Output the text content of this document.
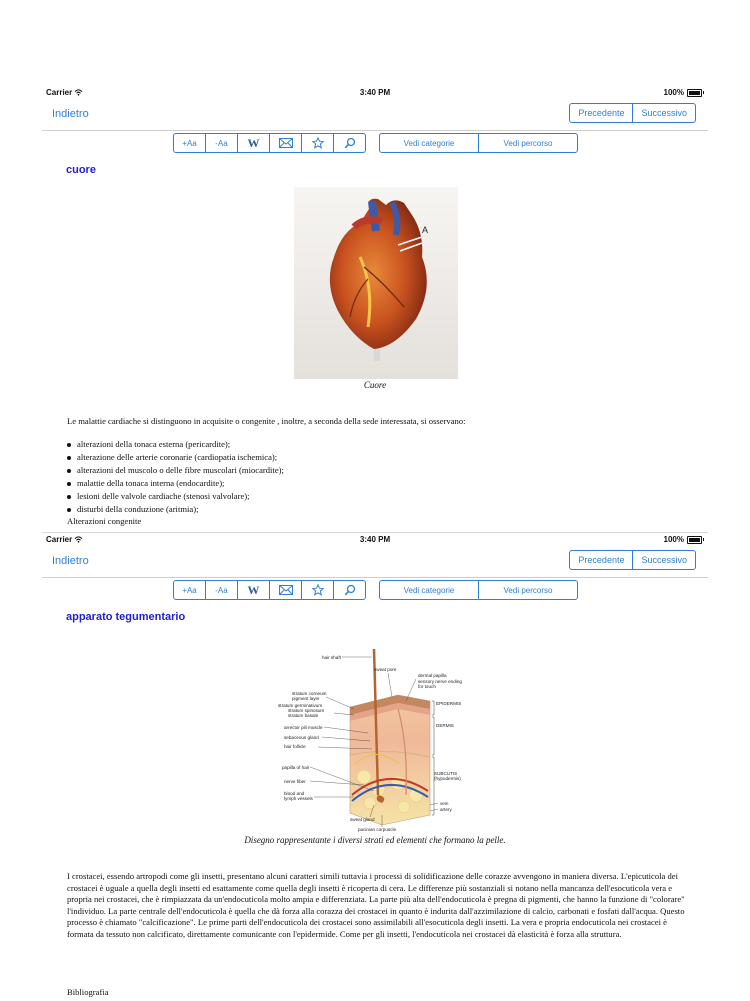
Carrier	3:40 PM	100%
Indietro	Precedente	Successivo
+Aa	-Aa	W	Vedi categorie	Vedi percorso
cuore
A
Cuore
Le malattie cardiache si distinguono in acquisite o congenite , inoltre, a seconda della sede interessata, si osservano:
alterazioni della tonaca esterna (pericardite);
alterazione delle arterie coronarie (cardiopatia ischemica);
alterazioni del muscolo o delle fibre muscolari (miocardite);
malattie della tonaca interna (endocardite);
lesioni delle valvole cardiache (stenosi valvolare);
disturbi della conduzione (aritmia);
Alterazioni congenite
Carrier	3:40 PM	100%
Indietro	Precedente	Successivo
+Aa	-Aa	W	Vedi categorie	Vedi percorso
apparato tegumentario
hair shaft
sweat pore
dermal papilla
sensory nerve ending
for touch
stratum corneum
pigment layer
stratum germinativum
stratum spinosum
stratum basale
arrector pili muscle
sebaceous gland
hair follicle
papilla of hair
nerve fiber
blood and
lymph vessels
sweat gland
pacinian corpuscle
EPIDERMIS
DERMIS
SUBCUTIS
(hypodermis)
vein
artery
Disegno rappresentante i diversi strati ed elementi che formano la pelle.
I crostacei, essendo artropodi come gli insetti, presentano alcuni caratteri simili tuttavia i processi di solidificazione delle corazze avvengono in maniera diversa. L'epicuticola dei crostacei è uguale a quella degli insetti ed esattamente come quella degli insetti è ricoperta di cera. Le differenze più sostanziali si notano nella mancanza dell'esocuticola vera e propria nei crostacei, che è rimpiazzata da un'endocuticola molto ampia e differenziata. La parte più alta dell'endocuticola è pregna di pigmenti, che hanno la funzione di "colorare" l'individuo. La parte centrale dell'endocuticola è quella che dà forza alla corazza dei crostacei in quanto è indurita dall'azzimilazione di calcio, carbonati e fosfati dall'acqua. Questo processo è chiamato "calcificazione". Le prime parti dell'endocuticola dei crostacei sono assimilabili all'esocuticola degli insetti. La vera e propria endocuticola nei crostacei è formata da tessuto non calcificato, direttamente comunicante con l'epidermide. Come per gli insetti, l'endocuticola nei crostacei dà elasticità è forza alla struttura.
Bibliografia
